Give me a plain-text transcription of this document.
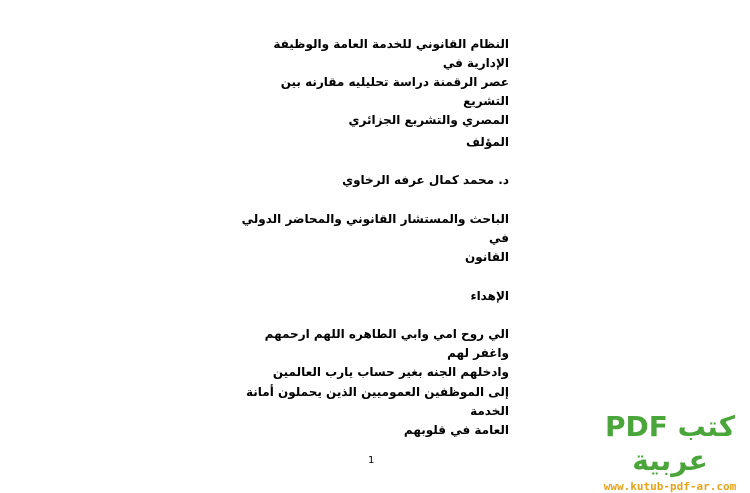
النظام القانوني للخدمة العامة والوظيفة الإدارية في
عصر الرقمنة دراسة تحليليه مقارنه بين التشريع
المصري والتشريع الجزائري
المؤلف
د. محمد كمال عرفه الرخاوي
الباحث والمستشار القانوني والمحاضر الدولي في
القانون
الإهداء
الي روح امي وابي الطاهره اللهم ارحمهم واغفر لهم
وادخلهم الجنه بغير حساب يارب العالمين
إلى الموظفين العموميين الذين يحملون أمانة الخدمة
العامة في قلوبهم
1
كتب PDF عربية
www.kutub-pdf-ar.com
